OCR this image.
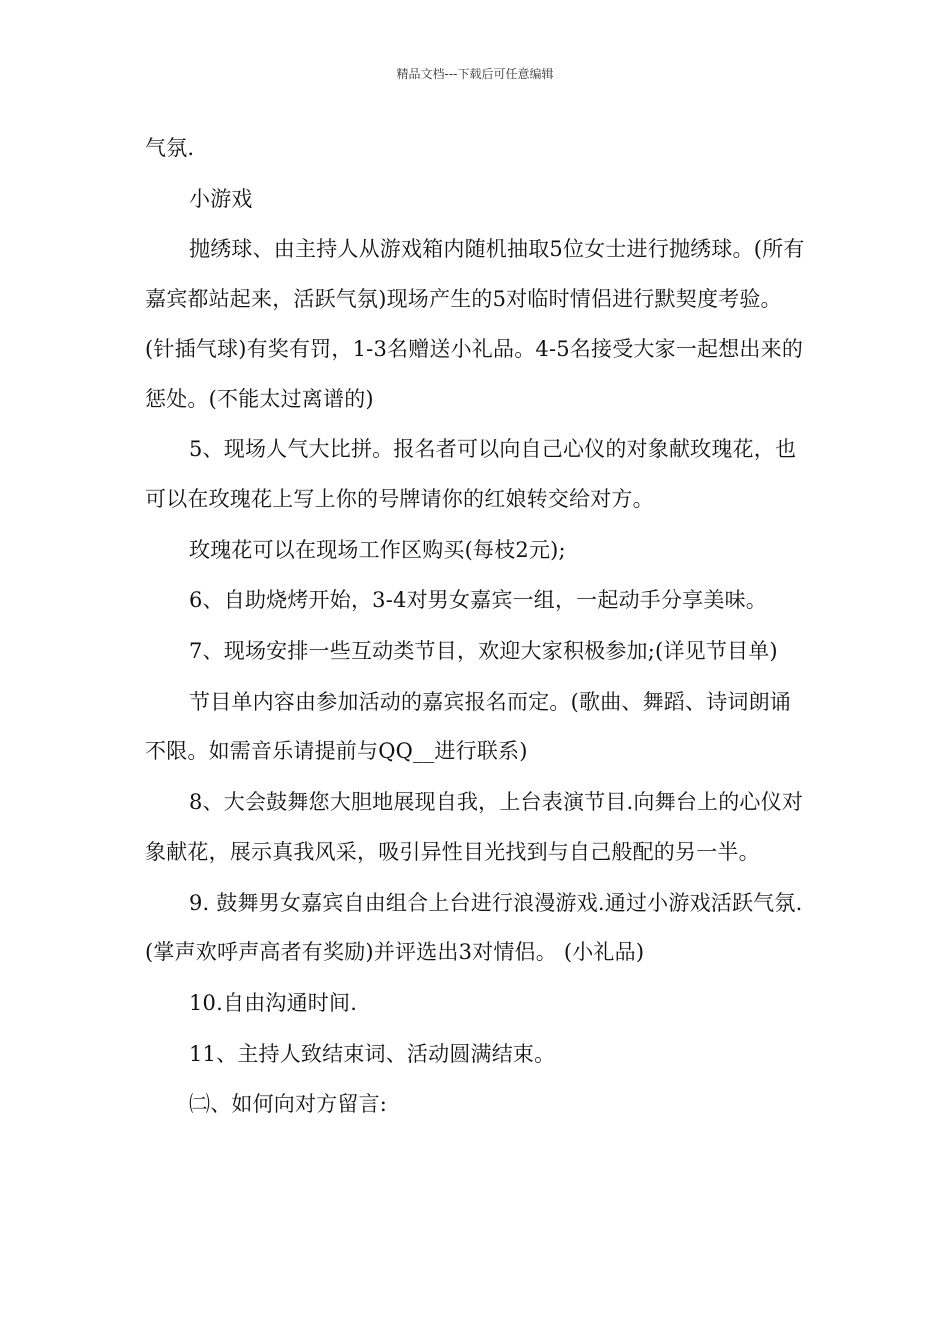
精品文档---下载后可任意编辑

气氛.

小游戏

抛绣球、由主持人从游戏箱内随机抽取5位女士进行抛绣球。(所有嘉宾都站起来，活跃气氛)现场产生的5对临时情侣进行默契度考验。(针插气球)有奖有罚，1-3名赠送小礼品。4-5名接受大家一起想出来的惩处。(不能太过离谱的)

5、现场人气大比拼。报名者可以向自己心仪的对象献玫瑰花，也可以在玫瑰花上写上你的号牌请你的红娘转交给对方。

玫瑰花可以在现场工作区购买(每枝2元);

6、自助烧烤开始，3-4对男女嘉宾一组，一起动手分享美味。

7、现场安排一些互动类节目，欢迎大家积极参加;(详见节目单)

节目单内容由参加活动的嘉宾报名而定。(歌曲、舞蹈、诗词朗诵不限。如需音乐请提前与QQ__进行联系)

8、大会鼓舞您大胆地展现自我，上台表演节目.向舞台上的心仪对象献花，展示真我风采，吸引异性目光找到与自己般配的另一半。

9. 鼓舞男女嘉宾自由组合上台进行浪漫游戏.通过小游戏活跃气氛.(掌声欢呼声高者有奖励)并评选出3对情侣。 (小礼品)

10.自由沟通时间.

11、主持人致结束词、活动圆满结束。

㈡、如何向对方留言:
